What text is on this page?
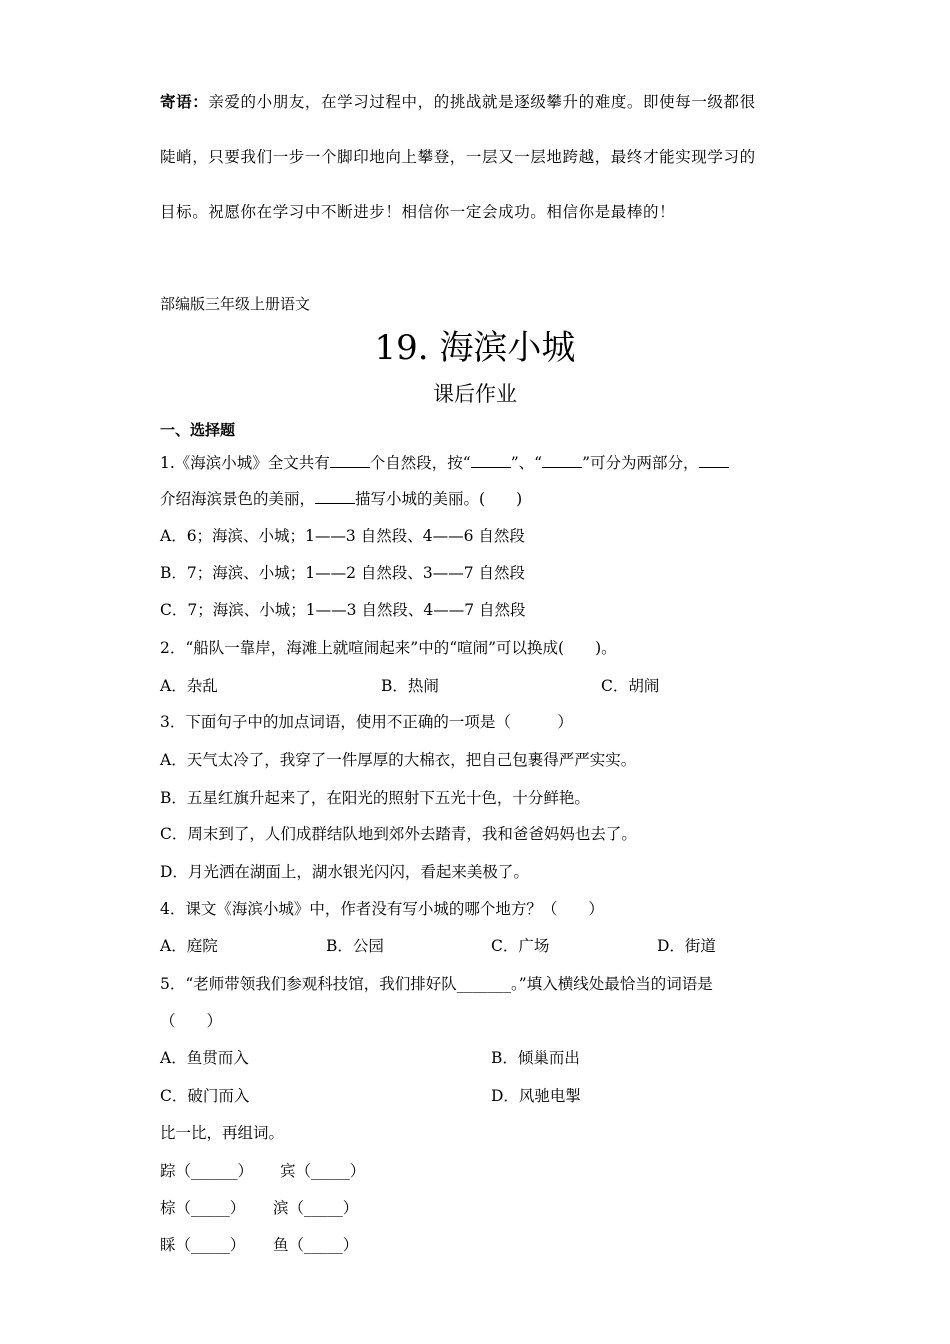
寄语：亲爱的小朋友，在学习过程中，的挑战就是逐级攀升的难度。即使每一级都很
陡峭，只要我们一步一个脚印地向上攀登，一层又一层地跨越，最终才能实现学习的
目标。祝愿你在学习中不断进步！相信你一定会成功。相信你是最棒的！
部编版三年级上册语文
19. 海滨小城
课后作业
一、选择题
1.《海滨小城》全文共有	个自然段，按“	”、“	”可分为两部分，
介绍海滨景色的美丽，	描写小城的美丽。(　　)
A．6；海滨、小城；1——3 自然段、4——6 自然段
B．7；海滨、小城；1——2 自然段、3——7 自然段
C．7；海滨、小城；1——3 自然段、4——7 自然段
2．“船队一靠岸，海滩上就喧闹起来”中的“喧闹”可以换成(　　)。
A．杂乱	B．热闹	C．胡闹
3．下面句子中的加点词语，使用不正确的一项是（　　　）
A．天气太冷了，我穿了一件厚厚的大棉衣，把自己包裹得严严实实。
B．五星红旗升起来了，在阳光的照射下五光十色，十分鲜艳。
C．周末到了，人们成群结队地到郊外去踏青，我和爸爸妈妈也去了。
D．月光洒在湖面上，湖水银光闪闪，看起来美极了。
4．课文《海滨小城》中，作者没有写小城的哪个地方？（　　）
A．庭院	B．公园	C．广场	D．街道
5．“老师带领我们参观科技馆，我们排好队_______。”填入横线处最恰当的词语是
（　　）
A．鱼贯而入	B．倾巢而出
C．破门而入	D．风驰电掣
比一比，再组词。
踪（______） 宾（_____）
棕（_____） 滨（_____）
睬（_____） 鱼（_____）
